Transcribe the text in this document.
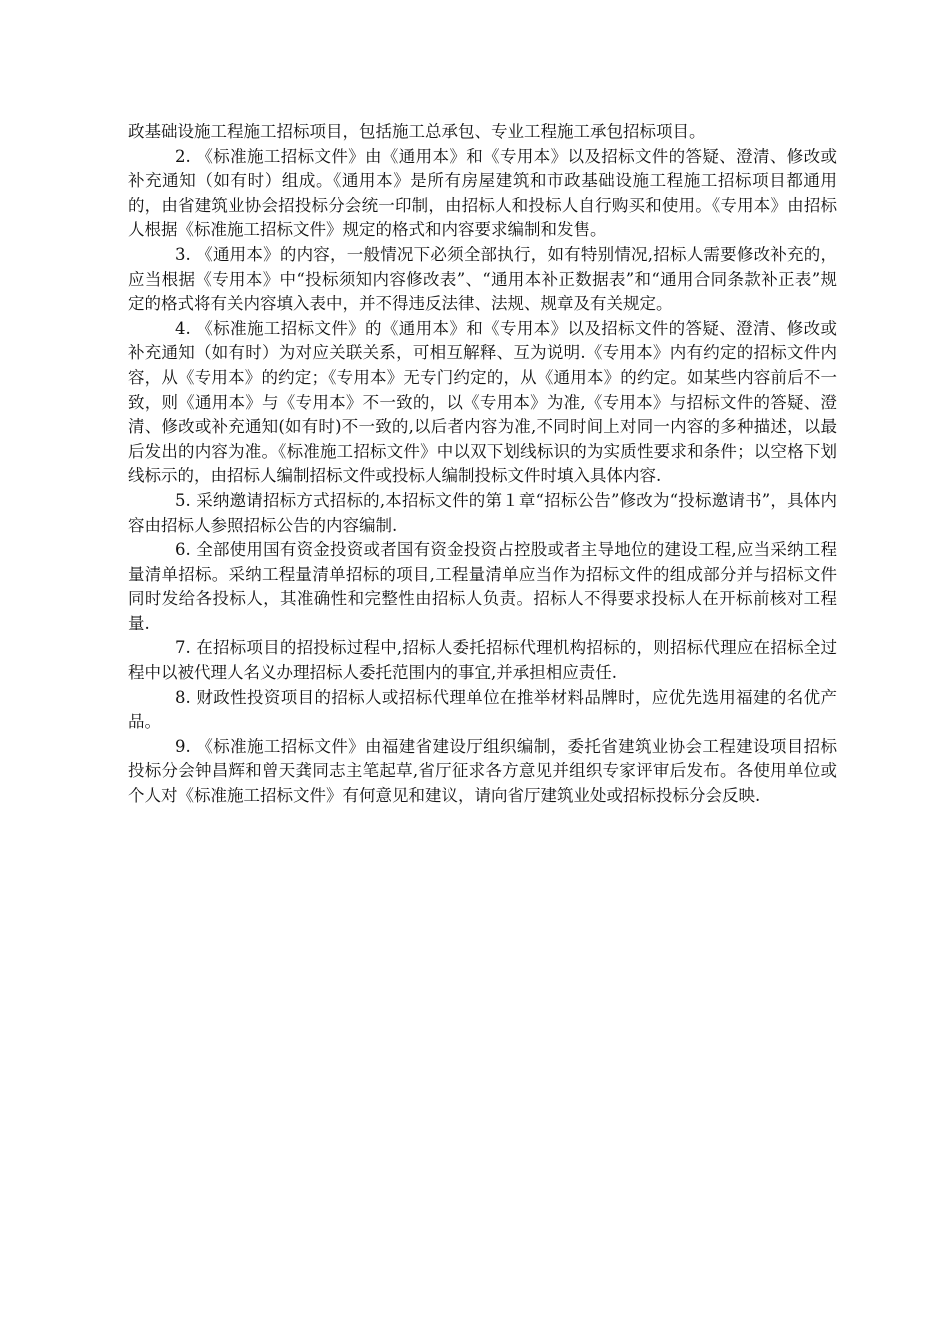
政基础设施工程施工招标项目，包括施工总承包、专业工程施工承包招标项目。

2. 《标准施工招标文件》由《通用本》和《专用本》以及招标文件的答疑、澄清、修改或补充通知（如有时）组成。《通用本》是所有房屋建筑和市政基础设施工程施工招标项目都通用的，由省建筑业协会招投标分会统一印制，由招标人和投标人自行购买和使用。《专用本》由招标人根据《标准施工招标文件》规定的格式和内容要求编制和发售。

3. 《通用本》的内容，一般情况下必须全部执行，如有特别情况,招标人需要修改补充的，应当根据《专用本》中“投标须知内容修改表”、“通用本补正数据表”和“通用合同条款补正表”规定的格式将有关内容填入表中，并不得违反法律、法规、规章及有关规定。

4. 《标准施工招标文件》的《通用本》和《专用本》以及招标文件的答疑、澄清、修改或补充通知（如有时）为对应关联关系，可相互解释、互为说明.《专用本》内有约定的招标文件内容，从《专用本》的约定；《专用本》无专门约定的，从《通用本》的约定。如某些内容前后不一致，则《通用本》与《专用本》不一致的，以《专用本》为准,《专用本》与招标文件的答疑、澄清、修改或补充通知(如有时)不一致的,以后者内容为准,不同时间上对同一内容的多种描述，以最后发出的内容为准。《标准施工招标文件》中以双下划线标识的为实质性要求和条件；以空格下划线标示的，由招标人编制招标文件或投标人编制投标文件时填入具体内容.

5. 采纳邀请招标方式招标的,本招标文件的第１章“招标公告”修改为“投标邀请书”，具体内容由招标人参照招标公告的内容编制.

6. 全部使用国有资金投资或者国有资金投资占控股或者主导地位的建设工程,应当采纳工程量清单招标。采纳工程量清单招标的项目,工程量清单应当作为招标文件的组成部分并与招标文件同时发给各投标人，其准确性和完整性由招标人负责。招标人不得要求投标人在开标前核对工程量.

7. 在招标项目的招投标过程中,招标人委托招标代理机构招标的，则招标代理应在招标全过程中以被代理人名义办理招标人委托范围内的事宜,并承担相应责任.

8. 财政性投资项目的招标人或招标代理单位在推举材料品牌时，应优先选用福建的名优产品。

9. 《标准施工招标文件》由福建省建设厅组织编制，委托省建筑业协会工程建设项目招标投标分会钟昌辉和曾天龚同志主笔起草,省厅征求各方意见并组织专家评审后发布。各使用单位或个人对《标准施工招标文件》有何意见和建议，请向省厅建筑业处或招标投标分会反映.
